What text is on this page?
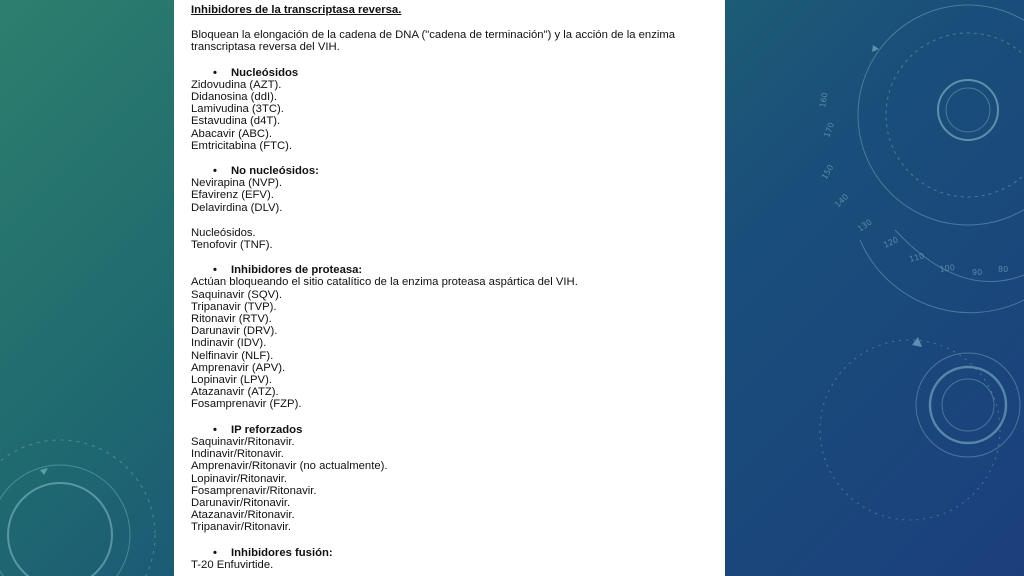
160
170
150
140
130
120
110
100 90 80
Inhibidores de la transcriptasa reversa.
Bloquean la elongación de la cadena de DNA ("cadena de terminación") y la acción de la enzima transcriptasa reversa del VIH.
• Nucleósidos
Zidovudina (AZT).
Didanosina (ddI).
Lamivudina (3TC).
Estavudina (d4T).
Abacavir (ABC).
Emtricitabina (FTC).
• No nucleósidos:
Nevirapina (NVP).
Efavirenz (EFV).
Delavirdina (DLV).
Nucleósidos.
Tenofovir (TNF).
• Inhibidores de proteasa:
Actúan bloqueando el sitio catalítico de la enzima proteasa aspártica del VIH.
Saquinavir (SQV).
Tripanavir (TVP).
Ritonavir (RTV).
Darunavir (DRV).
Indinavir (IDV).
Nelfinavir (NLF).
Amprenavir (APV).
Lopinavir (LPV).
Atazanavir (ATZ).
Fosamprenavir (FZP).
• IP reforzados
Saquinavir/Ritonavir.
Indinavir/Ritonavir.
Amprenavir/Ritonavir (no actualmente).
Lopinavir/Ritonavir.
Fosamprenavir/Ritonavir.
Darunavir/Ritonavir.
Atazanavir/Ritonavir.
Tripanavir/Ritonavir.
• Inhibidores fusión:
T-20 Enfuvirtide.
